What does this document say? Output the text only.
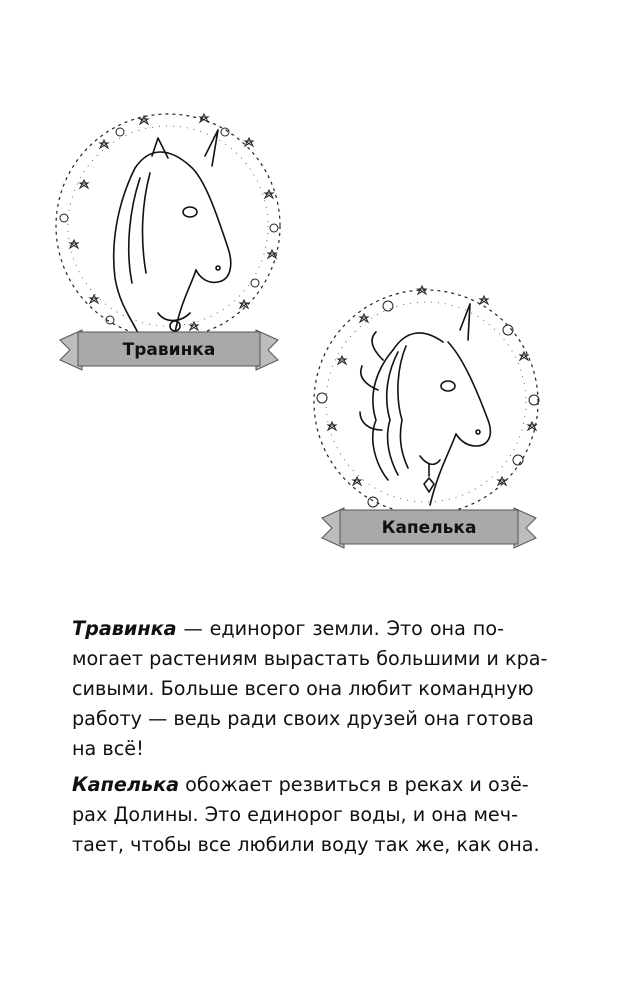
Травинка
Капелька
Травинка — единорог земли. Это она по-
могает растениям вырастать большими и кра-
сивыми. Больше всего она любит командную
работу — ведь ради своих друзей она готова
на всё!
Капелька обожает резвиться в реках и озё-
рах Долины. Это единорог воды, и она меч-
тает, чтобы все любили воду так же, как она.
